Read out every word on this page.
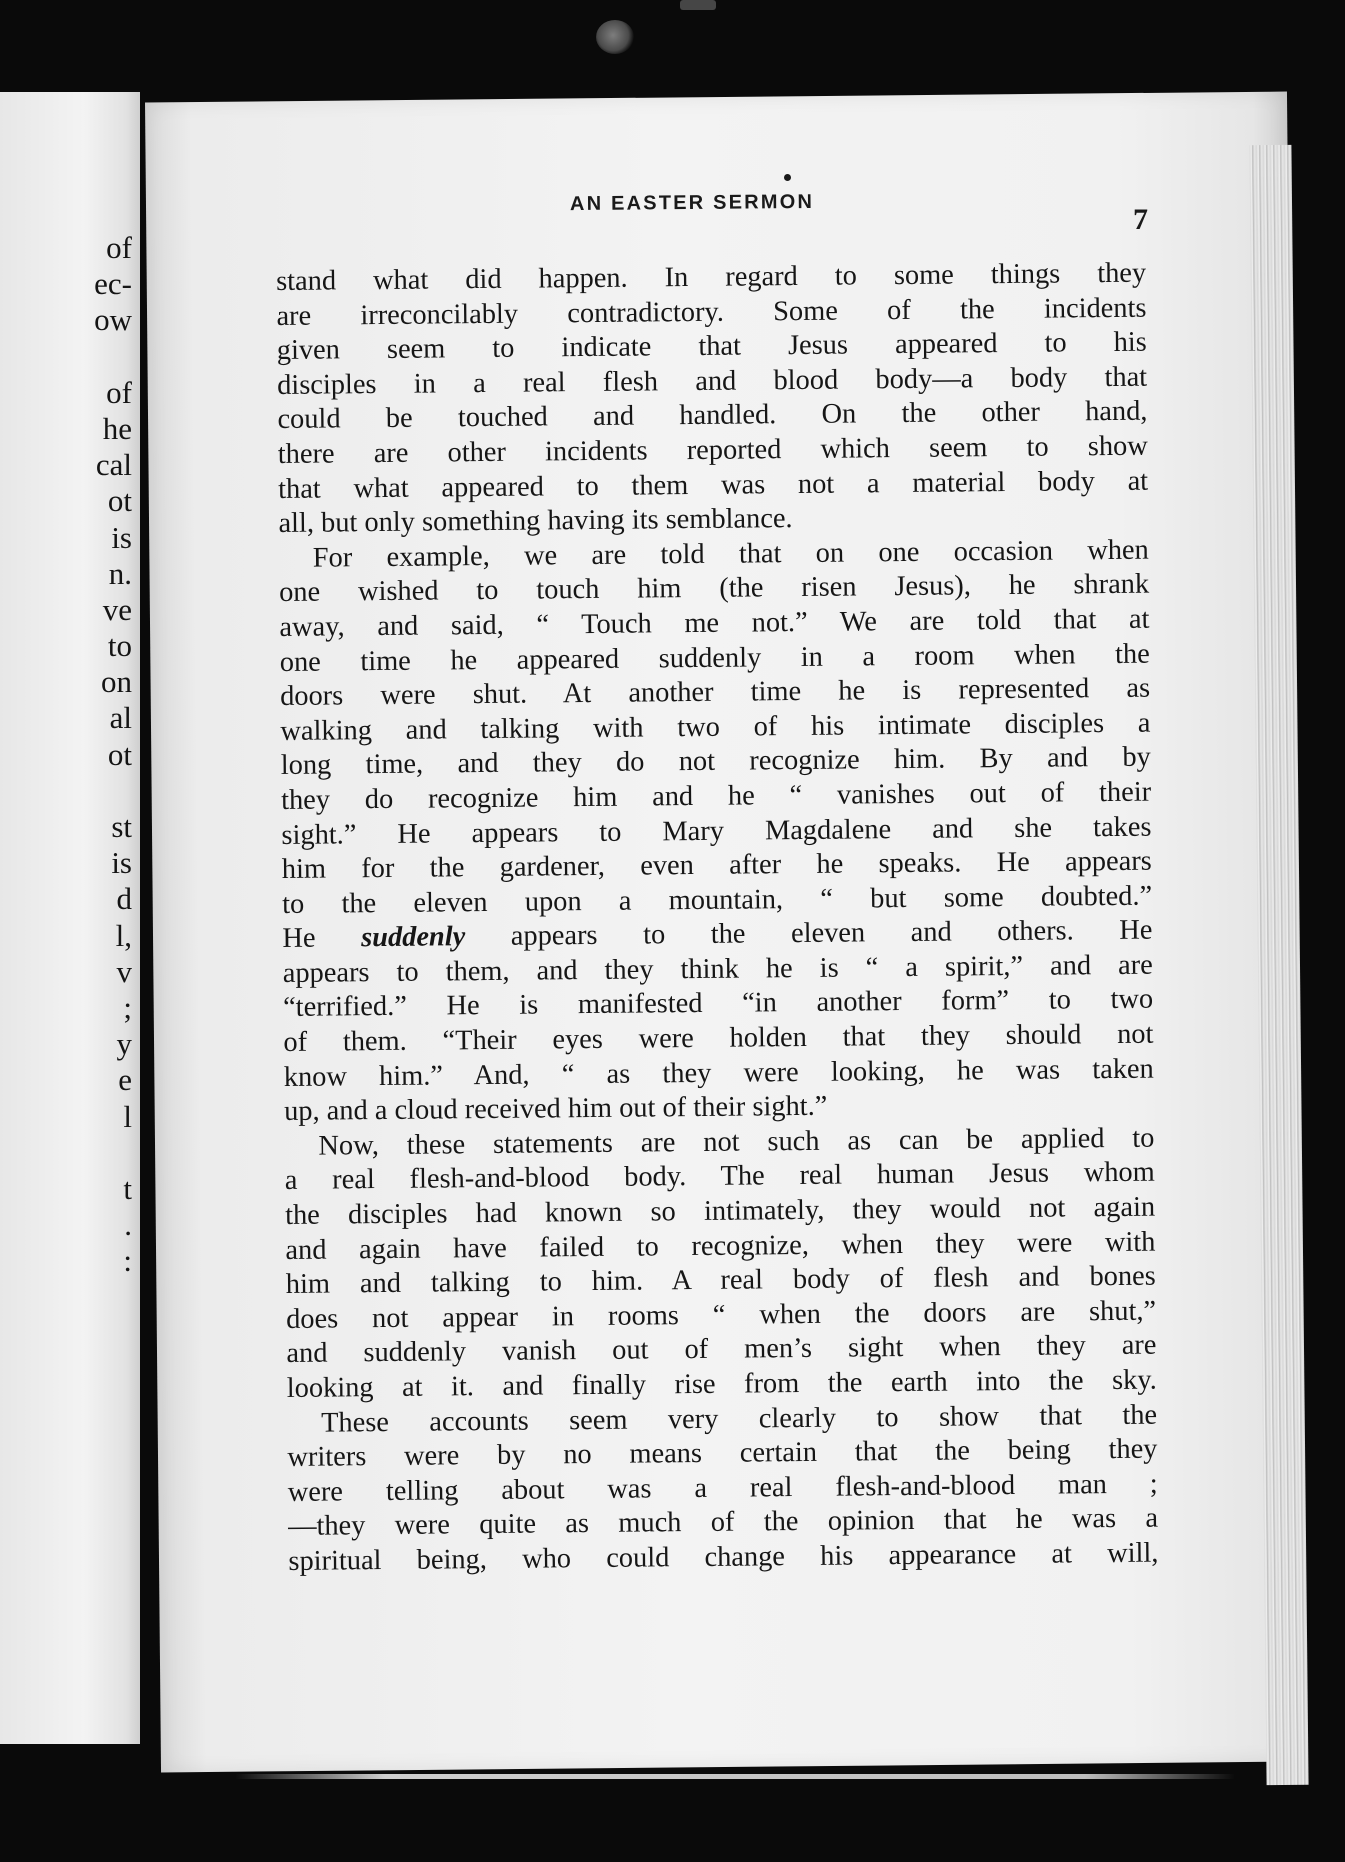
of
ec-
ow
of
he
cal
ot
is
n.
ve
to
on
al
ot
st
is
d
l,
v
;
y
e
l
t
.
:
AN EASTER SERMON	7
stand what did happen. In regard to some things they
are irreconcilably contradictory. Some of the incidents
given seem to indicate that Jesus appeared to his
disciples in a real flesh and blood body—a body that
could be touched and handled. On the other hand,
there are other incidents reported which seem to show
that what appeared to them was not a material body at
all, but only something having its semblance.
For example, we are told that on one occasion when
one wished to touch him (the risen Jesus), he shrank
away, and said, “ Touch me not.” We are told that at
one time he appeared suddenly in a room when the
doors were shut. At another time he is represented as
walking and talking with two of his intimate disciples a
long time, and they do not recognize him. By and by
they do recognize him and he “ vanishes out of their
sight.” He appears to Mary Magdalene and she takes
him for the gardener, even after he speaks. He appears
to the eleven upon a mountain, “ but some doubted.”
He suddenly appears to the eleven and others. He
appears to them, and they think he is “ a spirit,” and are
“terrified.” He is manifested “in another form” to two
of them. “Their eyes were holden that they should not
know him.” And, “ as they were looking, he was taken
up, and a cloud received him out of their sight.”
Now, these statements are not such as can be applied to
a real flesh-and-blood body. The real human Jesus whom
the disciples had known so intimately, they would not again
and again have failed to recognize, when they were with
him and talking to him. A real body of flesh and bones
does not appear in rooms “ when the doors are shut,”
and suddenly vanish out of men’s sight when they are
looking at it. and finally rise from the earth into the sky.
These accounts seem very clearly to show that the
writers were by no means certain that the being they
were telling about was a real flesh-and-blood man ;
—they were quite as much of the opinion that he was a
spiritual being, who could change his appearance at will,
